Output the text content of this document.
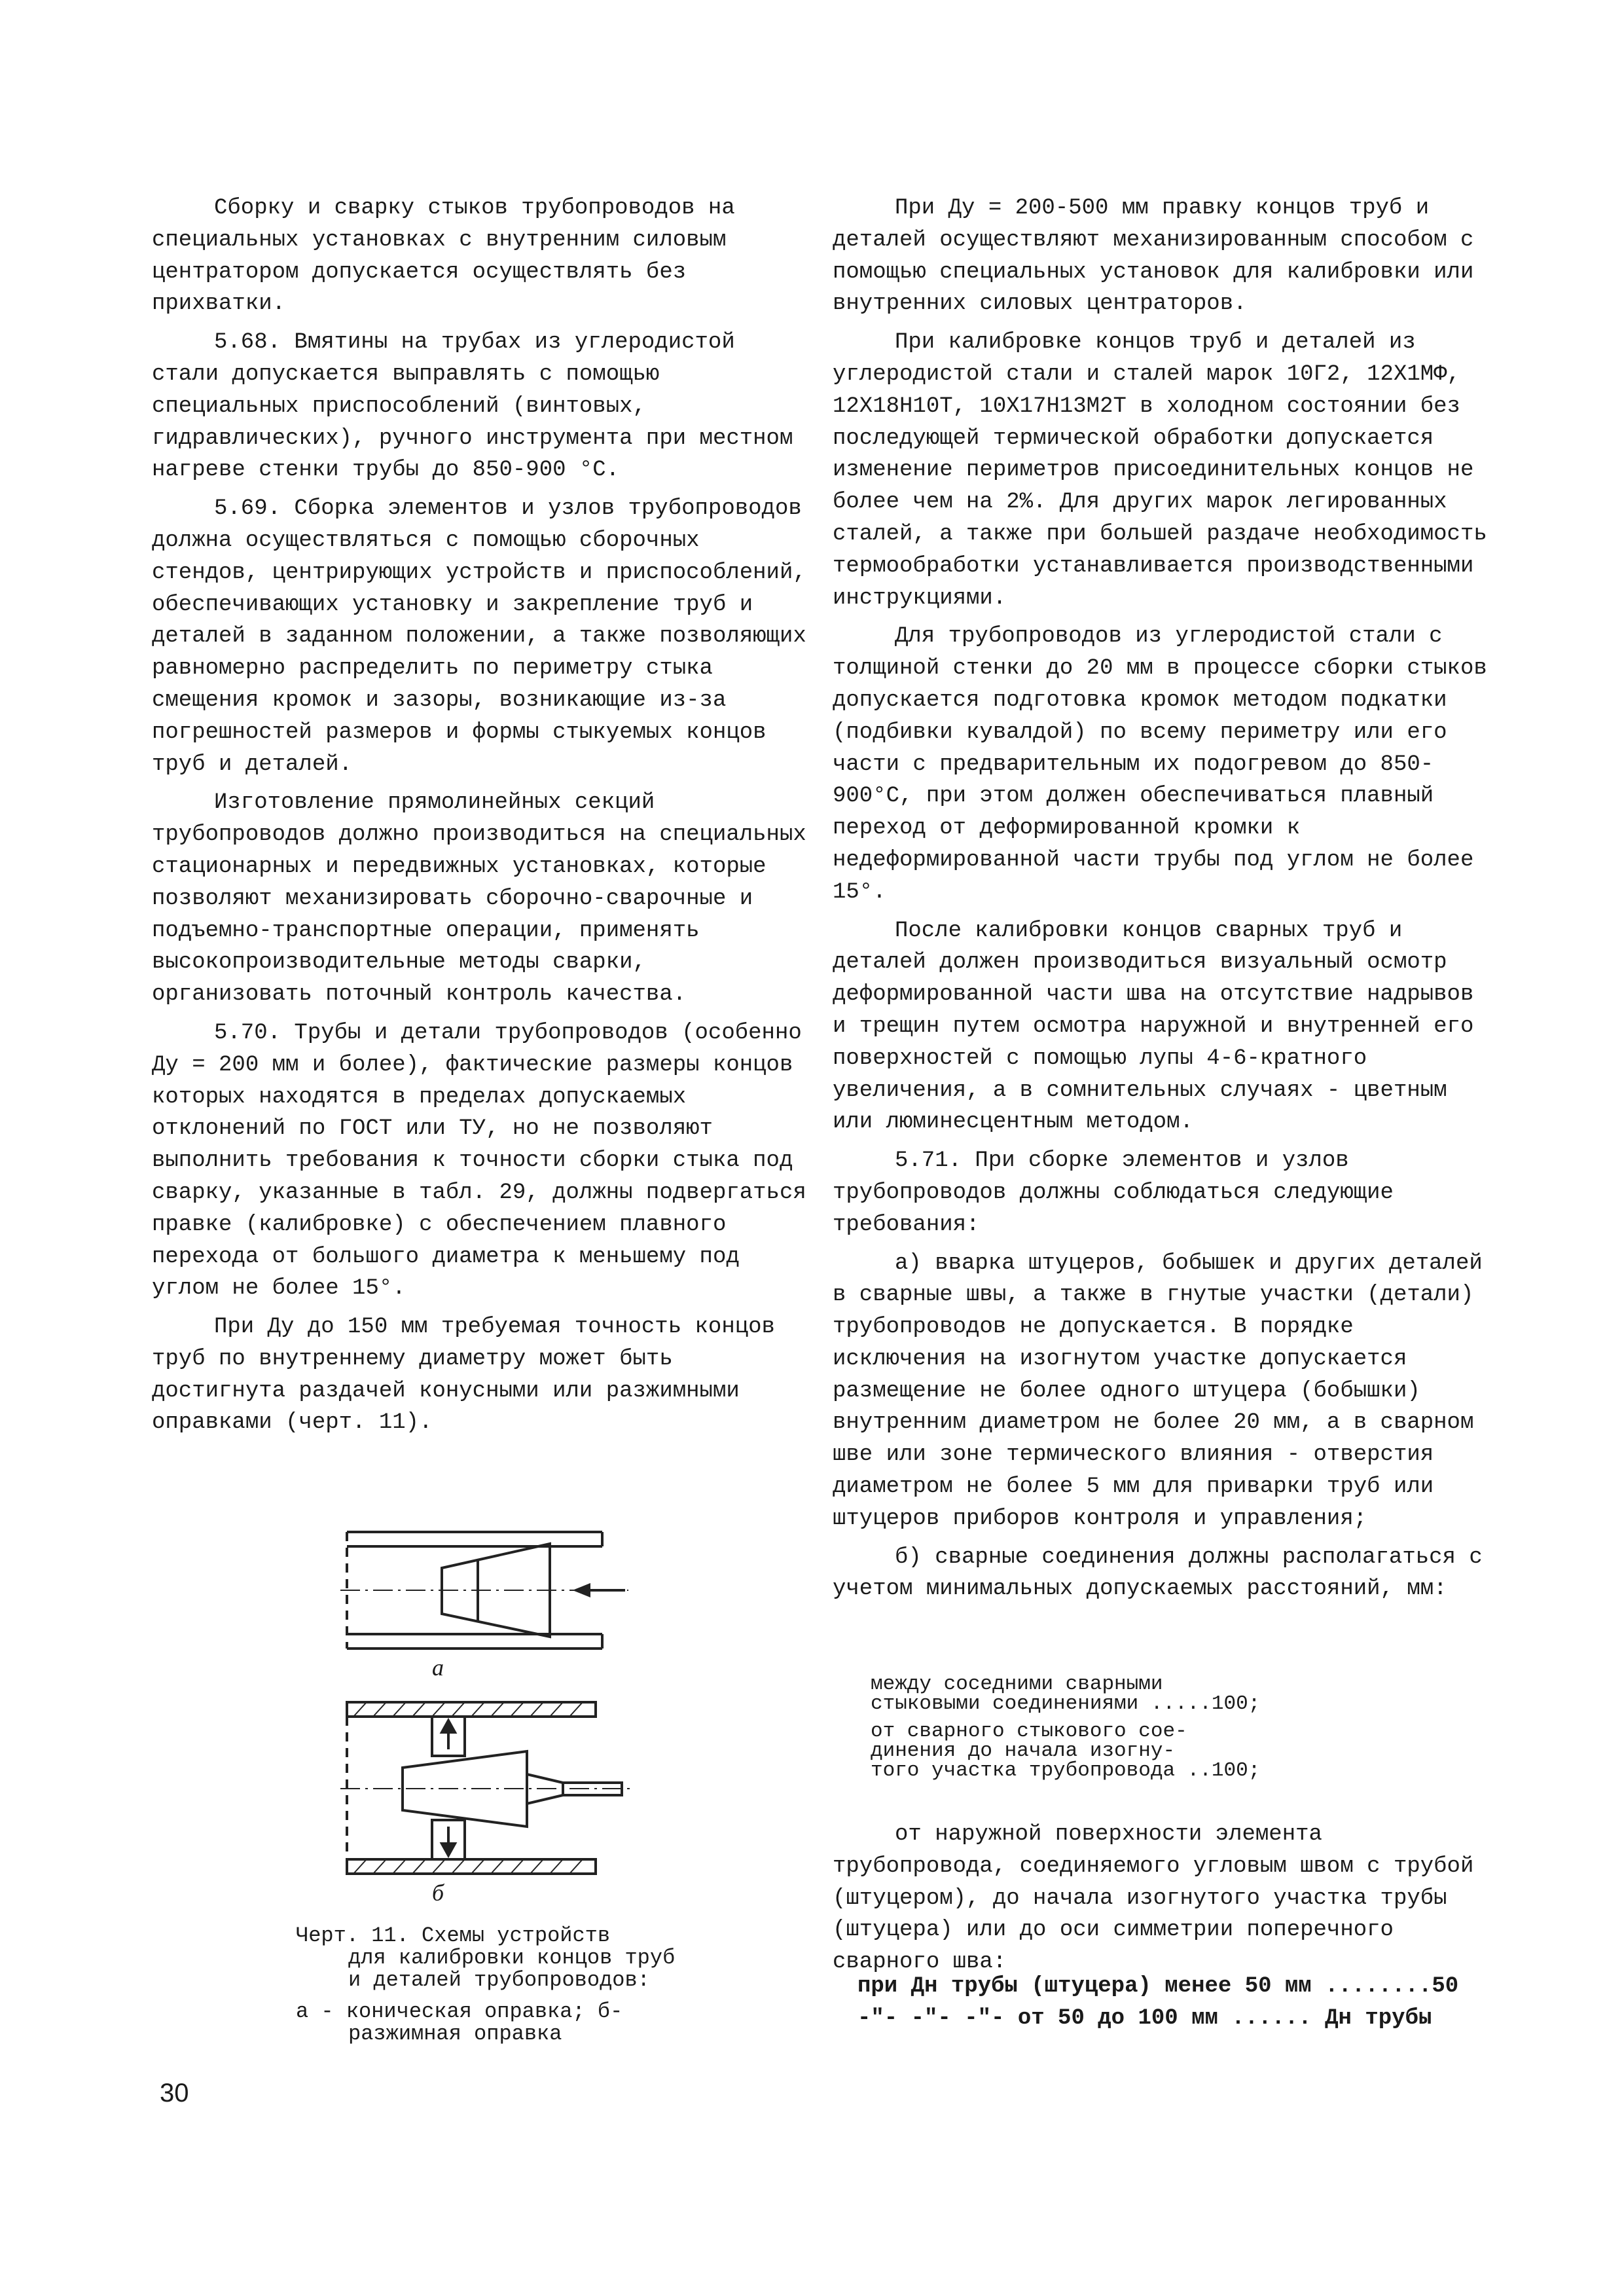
Сборку и сварку стыков трубопроводов на специальных установках с внутренним силовым центратором допускается осуществлять без прихватки.

5.68. Вмятины на трубах из углеродистой стали допускается выправлять с помощью специальных приспособлений (винтовых, гидравлических), ручного инструмента при местном нагреве стенки трубы до 850-900 °С.

5.69. Сборка элементов и узлов трубопроводов должна осуществляться с помощью сборочных стендов, центрирующих устройств и приспособлений, обеспечивающих установку и закрепление труб и деталей в заданном положении, а также позволяющих равномерно распределить по периметру стыка смещения кромок и зазоры, возникающие из-за погрешностей размеров и формы стыкуемых концов труб и деталей.

Изготовление прямолинейных секций трубопроводов должно производиться на специальных стационарных и передвижных установках, которые позволяют механизировать сборочно-сварочные и подъемно-транспортные операции, применять высокопроизводительные методы сварки, организовать поточный контроль качества.

5.70. Трубы и детали трубопроводов (особенно Ду = 200 мм и более), фактические размеры концов которых находятся в пределах допускаемых отклонений по ГОСТ или ТУ, но не позволяют выполнить требования к точности сборки стыка под сварку, указанные в табл. 29, должны подвергаться правке (калибровке) с обеспечением плавного перехода от большого диаметра к меньшему под углом не более 15°.

При Ду до 150 мм требуемая точность концов труб по внутреннему диаметру может быть достигнута раздачей конусными или разжимными оправками (черт. 11).

При Ду = 200-500 мм правку концов труб и деталей осуществляют механизированным способом с помощью специальных установок для калибровки или внутренних силовых центраторов.

При калибровке концов труб и деталей из углеродистой стали и сталей марок 10Г2, 12Х1МФ, 12Х18Н10Т, 10Х17Н13М2Т в холодном состоянии без последующей термической обработки допускается изменение периметров присоединительных концов не более чем на 2%. Для других марок легированных сталей, а также при большей раздаче необходимость термообработки устанавливается производственными инструкциями.

Для трубопроводов из углеродистой стали с толщиной стенки до 20 мм в процессе сборки стыков допускается подготовка кромок методом подкатки (подбивки кувалдой) по всему периметру или его части с предварительным их подогревом до 850-900°С, при этом должен обеспечиваться плавный переход от деформированной кромки к недеформированной части трубы под углом не более 15°.

После калибровки концов сварных труб и деталей должен производиться визуальный осмотр деформированной части шва на отсутствие надрывов и трещин путем осмотра наружной и внутренней его поверхностей с помощью лупы 4-6-кратного увеличения, а в сомнительных случаях - цветным или люминесцентным методом.

5.71. При сборке элементов и узлов трубопроводов должны соблюдаться следующие требования:

а) вварка штуцеров, бобышек и других деталей в сварные швы, а также в гнутые участки (детали) трубопроводов не допускается. В порядке исключения на изогнутом участке допускается размещение не более одного штуцера (бобышки) внутренним диаметром не более 20 мм, а в сварном шве или зоне термического влияния - отверстия диаметром не более 5 мм для приварки труб или штуцеров приборов контроля и управления;

б) сварные соединения должны располагаться с учетом минимальных допускаемых расстояний, мм:

между соседними сварными

стыковыми соединениями .....100;

от сварного стыкового сое-

динения до начала изогну-

того участка трубопровода ..100;

от наружной поверхности элемента трубопровода, соединяемого угловым швом с трубой (штуцером), до начала изогнутого участка трубы (штуцера) или до оси симметрии поперечного сварного шва:

при Дн трубы (штуцера) менее 50 мм ........50

-"- -"- -"- от 50 до 100 мм ...... Дн трубы

а
б

Черт. 11. Схемы устройств

для калибровки концов труб

и деталей трубопроводов:

а - коническая оправка; б-

разжимная оправка

30
